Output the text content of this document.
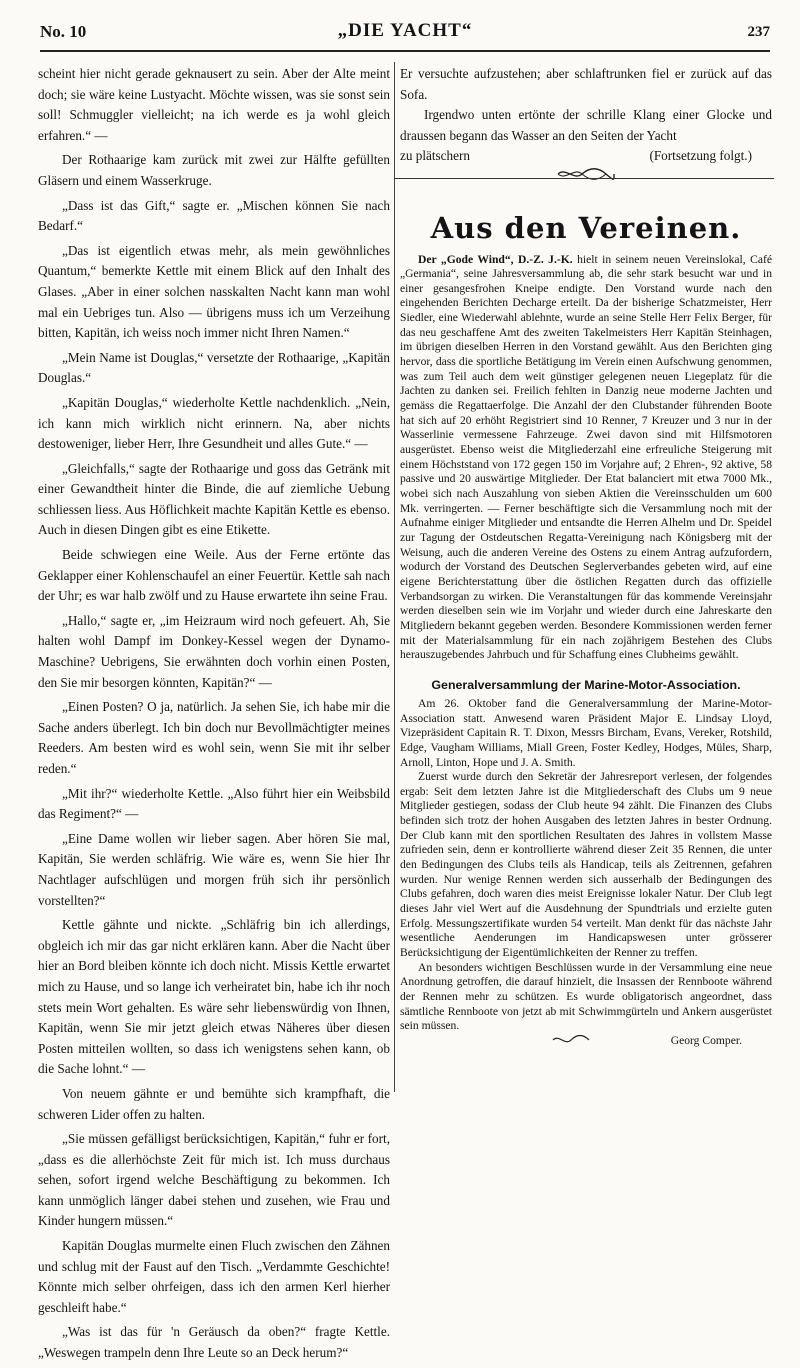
No. 10	„DIE YACHT“	237

scheint hier nicht gerade geknausert zu sein. Aber der Alte meint doch; sie wäre keine Lustyacht. Möchte wissen, was sie sonst sein soll! Schmuggler vielleicht; na ich werde es ja wohl gleich erfahren.“ —

Der Rothaarige kam zurück mit zwei zur Hälfte gefüllten Gläsern und einem Wasserkruge.

„Dass ist das Gift,“ sagte er. „Mischen können Sie nach Bedarf.“

„Das ist eigentlich etwas mehr, als mein gewöhnliches Quantum,“ bemerkte Kettle mit einem Blick auf den Inhalt des Glases. „Aber in einer solchen nasskalten Nacht kann man wohl mal ein Uebriges tun. Also — übrigens muss ich um Verzeihung bitten, Kapitän, ich weiss noch immer nicht Ihren Namen.“

„Mein Name ist Douglas,“ versetzte der Rothaarige, „Kapitän Douglas.“

„Kapitän Douglas,“ wiederholte Kettle nachdenklich. „Nein, ich kann mich wirklich nicht erinnern. Na, aber nichts destoweniger, lieber Herr, Ihre Gesundheit und alles Gute.“ —

„Gleichfalls,“ sagte der Rothaarige und goss das Getränk mit einer Gewandtheit hinter die Binde, die auf ziemliche Uebung schliessen liess. Aus Höflichkeit machte Kapitän Kettle es ebenso. Auch in diesen Dingen gibt es eine Etikette.

Beide schwiegen eine Weile. Aus der Ferne ertönte das Geklapper einer Kohlenschaufel an einer Feuertür. Kettle sah nach der Uhr; es war halb zwölf und zu Hause erwartete ihn seine Frau.

„Hallo,“ sagte er, „im Heizraum wird noch gefeuert. Ah, Sie halten wohl Dampf im Donkey-Kessel wegen der Dynamo-Maschine? Uebrigens, Sie erwähnten doch vorhin einen Posten, den Sie mir besorgen könnten, Kapitän?“ —

„Einen Posten? O ja, natürlich. Ja sehen Sie, ich habe mir die Sache anders überlegt. Ich bin doch nur Bevollmächtigter meines Reeders. Am besten wird es wohl sein, wenn Sie mit ihr selber reden.“

„Mit ihr?“ wiederholte Kettle. „Also führt hier ein Weibsbild das Regiment?“ —

„Eine Dame wollen wir lieber sagen. Aber hören Sie mal, Kapitän, Sie werden schläfrig. Wie wäre es, wenn Sie hier Ihr Nachtlager aufschlügen und morgen früh sich ihr persönlich vorstellten?“

Kettle gähnte und nickte. „Schläfrig bin ich allerdings, obgleich ich mir das gar nicht erklären kann. Aber die Nacht über hier an Bord bleiben könnte ich doch nicht. Missis Kettle erwartet mich zu Hause, und so lange ich verheiratet bin, habe ich ihr noch stets mein Wort gehalten. Es wäre sehr liebenswürdig von Ihnen, Kapitän, wenn Sie mir jetzt gleich etwas Näheres über diesen Posten mitteilen wollten, so dass ich wenigstens sehen kann, ob die Sache lohnt.“ —

Von neuem gähnte er und bemühte sich krampfhaft, die schweren Lider offen zu halten.

„Sie müssen gefälligst berücksichtigen, Kapitän,“ fuhr er fort, „dass es die allerhöchste Zeit für mich ist. Ich muss durchaus sehen, sofort irgend welche Beschäftigung zu bekommen. Ich kann unmöglich länger dabei stehen und zusehen, wie Frau und Kinder hungern müssen.“

Kapitän Douglas murmelte einen Fluch zwischen den Zähnen und schlug mit der Faust auf den Tisch. „Verdammte Geschichte! Könnte mich selber ohrfeigen, dass ich den armen Kerl hierher geschleift habe.“

„Was ist das für 'n Geräusch da oben?“ fragte Kettle. „Weswegen trampeln denn Ihre Leute so an Deck herum?“

Er versuchte aufzustehen; aber schlaftrunken fiel er zurück auf das Sofa.

Irgendwo unten ertönte der schrille Klang einer Glocke und draussen begann das Wasser an den Seiten der Yacht

zu plätschern	(Fortsetzung folgt.)
Aus den Vereinen.

Der „Gode Wind“, D.-Z. J.-K. hielt in seinem neuen Vereinslokal, Café „Germania“, seine Jahresversammlung ab, die sehr stark besucht war und in einer gesangesfrohen Kneipe endigte. Den Vorstand wurde nach den eingehenden Berichten Decharge erteilt. Da der bisherige Schatzmeister, Herr Siedler, eine Wiederwahl ablehnte, wurde an seine Stelle Herr Felix Berger, für das neu geschaffene Amt des zweiten Takelmeisters Herr Kapitän Steinhagen, im übrigen dieselben Herren in den Vorstand gewählt. Aus den Berichten ging hervor, dass die sportliche Betätigung im Verein einen Aufschwung genommen, was zum Teil auch dem weit günstiger gelegenen neuen Liegeplatz für die Jachten zu danken sei. Freilich fehlten in Danzig neue moderne Jachten und gemäss die Regattaerfolge. Die Anzahl der den Clubstander führenden Boote hat sich auf 20 erhöht Registriert sind 10 Renner, 7 Kreuzer und 3 nur in der Wasserlinie vermessene Fahrzeuge. Zwei davon sind mit Hilfsmotoren ausgerüstet. Ebenso weist die Mitgliederzahl eine erfreuliche Steigerung mit einem Höchststand von 172 gegen 150 im Vorjahre auf; 2 Ehren-, 92 aktive, 58 passive und 20 auswärtige Mitglieder. Der Etat balanciert mit etwa 7000 Mk., wobei sich nach Auszahlung von sieben Aktien die Vereinsschulden um 600 Mk. verringerten. — Ferner beschäftigte sich die Versammlung noch mit der Aufnahme einiger Mitglieder und entsandte die Herren Alhelm und Dr. Speidel zur Tagung der Ostdeutschen Regatta-Vereinigung nach Königsberg mit der Weisung, auch die anderen Vereine des Ostens zu einem Antrag aufzufordern, wodurch der Vorstand des Deutschen Seglerverbandes gebeten wird, auf eine eigene Berichterstattung über die östlichen Regatten durch das offizielle Verbandsorgan zu wirken. Die Veranstaltungen für das kommende Vereinsjahr werden dieselben sein wie im Vorjahr und wieder durch eine Jahreskarte den Mitgliedern bekannt gegeben werden. Besondere Kommissionen werden ferner mit der Materialsammlung für ein nach zojährigem Bestehen des Clubs herauszugebendes Jahrbuch und für Schaffung eines Clubheims gewählt.

Generalversammlung der Marine-Motor-Association.

Am 26. Oktober fand die Generalversammlung der Marine-Motor-Association statt. Anwesend waren Präsident Major E. Lindsay Lloyd, Vizepräsident Capitain R. T. Dixon, Messrs Bircham, Evans, Vereker, Rotshild, Edge, Vaugham Williams, Miall Green, Foster Kedley, Hodges, Müles, Sharp, Arnoll, Linton, Hope und J. A. Smith.

Zuerst wurde durch den Sekretär der Jahresreport verlesen, der folgendes ergab: Seit dem letzten Jahre ist die Mitgliederschaft des Clubs um 9 neue Mitglieder gestiegen, sodass der Club heute 94 zählt. Die Finanzen des Clubs befinden sich trotz der hohen Ausgaben des letzten Jahres in bester Ordnung. Der Club kann mit den sportlichen Resultaten des Jahres in vollstem Masse zufrieden sein, denn er kontrollierte während dieser Zeit 35 Rennen, die unter den Bedingungen des Clubs teils als Handicap, teils als Zeitrennen, gefahren wurden. Nur wenige Rennen werden sich ausserhalb der Bedingungen des Clubs gefahren, doch waren dies meist Ereignisse lokaler Natur. Der Club legt dieses Jahr viel Wert auf die Ausdehnung der Spundtrials und erzielte guten Erfolg. Messungszertifikate wurden 54 verteilt. Man denkt für das nächste Jahr wesentliche Aenderungen im Handicapswesen unter grösserer Berücksichtigung der Eigentümlichkeiten der Renner zu treffen.

An besonders wichtigen Beschlüssen wurde in der Versammlung eine neue Anordnung getroffen, die darauf hinzielt, die Insassen der Rennboote während der Rennen mehr zu schützen. Es wurde obligatorisch angeordnet, dass sämtliche Rennboote von jetzt ab mit Schwimmgürteln und Ankern ausgerüstet sein müssen.

Georg Comper.
